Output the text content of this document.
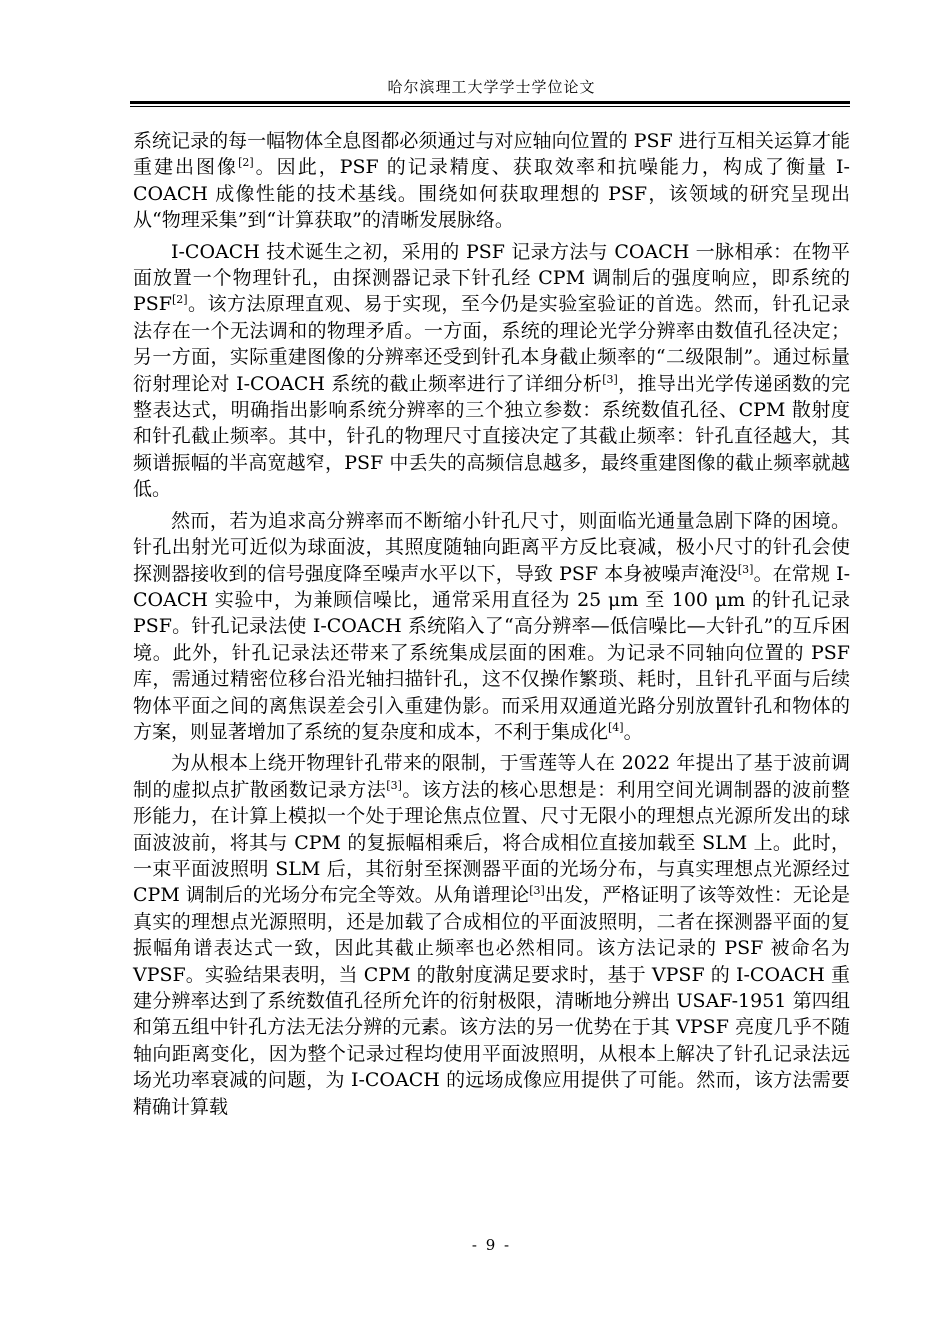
哈尔滨理工大学学士学位论文

系统记录的每一幅物体全息图都必须通过与对应轴向位置的 PSF 进行互相关运算才能重建出图像[2]。因此，PSF 的记录精度、获取效率和抗噪能力，构成了衡量 I-COACH 成像性能的技术基线。围绕如何获取理想的 PSF，该领域的研究呈现出从“物理采集”到“计算获取”的清晰发展脉络。

I-COACH 技术诞生之初，采用的 PSF 记录方法与 COACH 一脉相承：在物平面放置一个物理针孔，由探测器记录下针孔经 CPM 调制后的强度响应，即系统的 PSF[2]。该方法原理直观、易于实现，至今仍是实验室验证的首选。然而，针孔记录法存在一个无法调和的物理矛盾。一方面，系统的理论光学分辨率由数值孔径决定；另一方面，实际重建图像的分辨率还受到针孔本身截止频率的“二级限制”。通过标量衍射理论对 I-COACH 系统的截止频率进行了详细分析[3]，推导出光学传递函数的完整表达式，明确指出影响系统分辨率的三个独立参数：系统数值孔径、CPM 散射度和针孔截止频率。其中，针孔的物理尺寸直接决定了其截止频率：针孔直径越大，其频谱振幅的半高宽越窄，PSF 中丢失的高频信息越多，最终重建图像的截止频率就越低。

然而，若为追求高分辨率而不断缩小针孔尺寸，则面临光通量急剧下降的困境。针孔出射光可近似为球面波，其照度随轴向距离平方反比衰减，极小尺寸的针孔会使探测器接收到的信号强度降至噪声水平以下，导致 PSF 本身被噪声淹没[3]。在常规 I-COACH 实验中，为兼顾信噪比，通常采用直径为 25 μm 至 100 μm 的针孔记录 PSF。针孔记录法使 I-COACH 系统陷入了“高分辨率—低信噪比—大针孔”的互斥困境。此外，针孔记录法还带来了系统集成层面的困难。为记录不同轴向位置的 PSF 库，需通过精密位移台沿光轴扫描针孔，这不仅操作繁琐、耗时，且针孔平面与后续物体平面之间的离焦误差会引入重建伪影。而采用双通道光路分别放置针孔和物体的方案，则显著增加了系统的复杂度和成本，不利于集成化[4]。

为从根本上绕开物理针孔带来的限制，于雪莲等人在 2022 年提出了基于波前调制的虚拟点扩散函数记录方法[3]。该方法的核心思想是：利用空间光调制器的波前整形能力，在计算上模拟一个处于理论焦点位置、尺寸无限小的理想点光源所发出的球面波波前，将其与 CPM 的复振幅相乘后，将合成相位直接加载至 SLM 上。此时，一束平面波照明 SLM 后，其衍射至探测器平面的光场分布，与真实理想点光源经过 CPM 调制后的光场分布完全等效。从角谱理论[3]出发，严格证明了该等效性：无论是真实的理想点光源照明，还是加载了合成相位的平面波照明，二者在探测器平面的复振幅角谱表达式一致，因此其截止频率也必然相同。该方法记录的 PSF 被命名为 VPSF。实验结果表明，当 CPM 的散射度满足要求时，基于 VPSF 的 I-COACH 重建分辨率达到了系统数值孔径所允许的衍射极限，清晰地分辨出 USAF-1951 第四组和第五组中针孔方法无法分辨的元素。该方法的另一优势在于其 VPSF 亮度几乎不随轴向距离变化，因为整个记录过程均使用平面波照明，从根本上解决了针孔记录法远场光功率衰减的问题，为 I-COACH 的远场成像应用提供了可能。然而，该方法需要精确计算载

- 9 -
